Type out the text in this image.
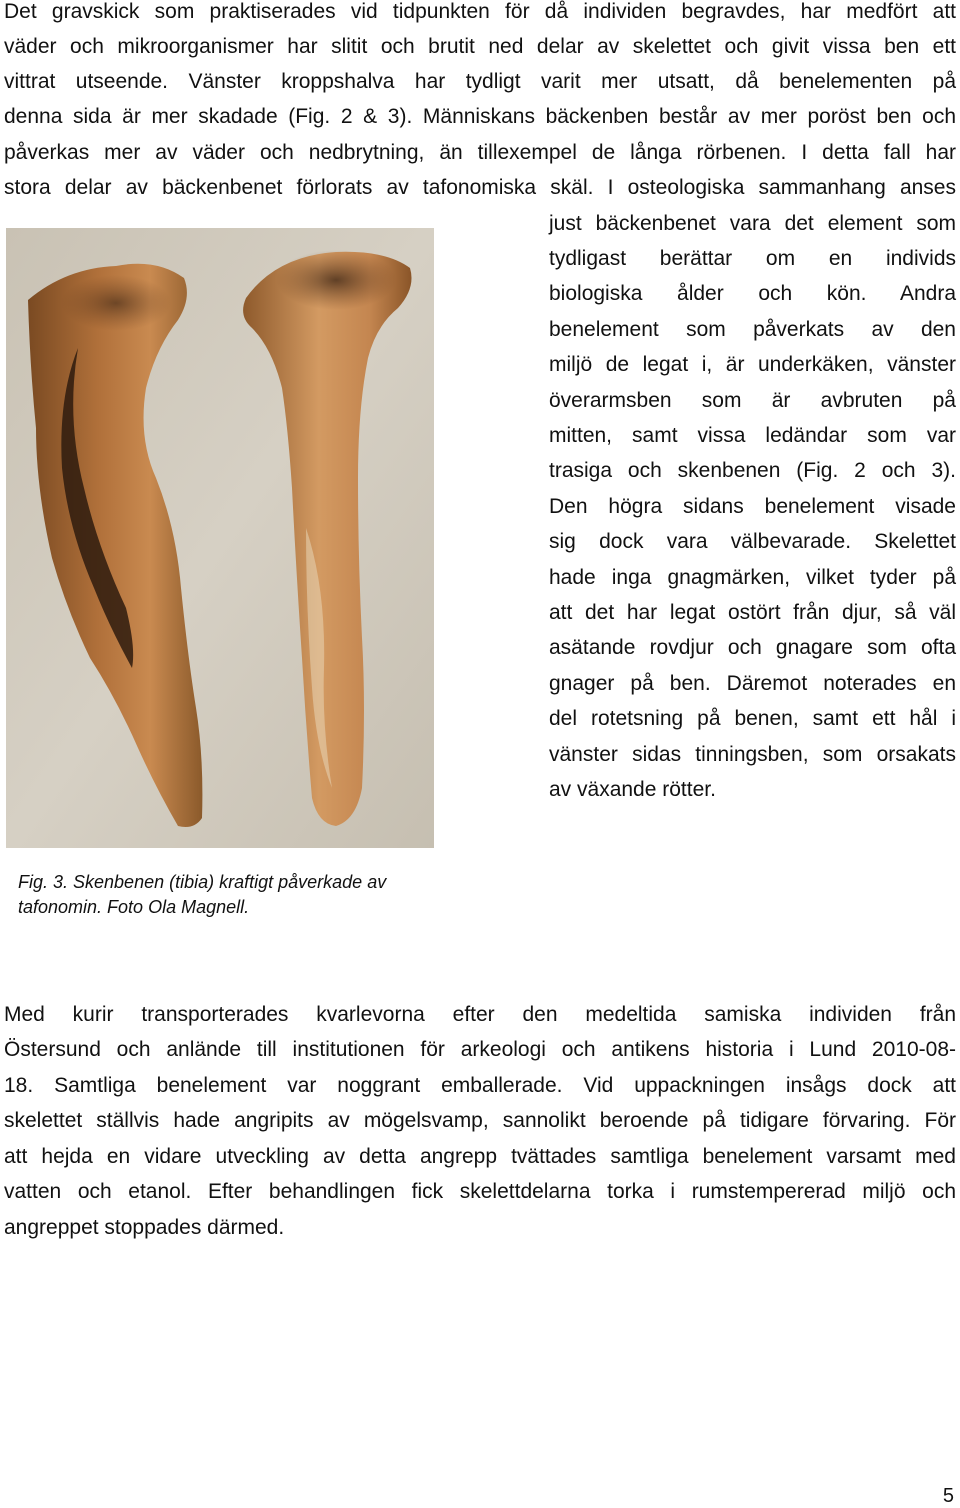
Det gravskick som praktiserades vid tidpunkten för då individen begravdes, har medfört att
väder och mikroorganismer har slitit och brutit ned delar av skelettet och givit vissa ben ett
vittrat utseende. Vänster kroppshalva har tydligt varit mer utsatt, då benelementen på
denna sida är mer skadade (Fig. 2 & 3). Människans bäckenben består av mer poröst ben och
påverkas mer av väder och nedbrytning, än tillexempel de långa rörbenen. I detta fall har
stora delar av bäckenbenet förlorats av tafonomiska skäl. I osteologiska sammanhang anses
just bäckenbenet vara det element som
tydligast berättar om en individs
biologiska ålder och kön. Andra
benelement som påverkats av den
miljö de legat i, är underkäken, vänster
överarmsben som är avbruten på
mitten, samt vissa ledändar som var
trasiga och skenbenen (Fig. 2 och 3).
Den högra sidans benelement visade
sig dock vara välbevarade. Skelettet
hade inga gnagmärken, vilket tyder på
att det har legat ostört från djur, så väl
asätande rovdjur och gnagare som ofta
gnager på ben. Däremot noterades en
del rotetsning på benen, samt ett hål i
vänster sidas tinningsben, som orsakats
av växande rötter.
Fig. 3. Skenbenen (tibia) kraftigt påverkade av
tafonomin. Foto Ola Magnell.
Med kurir transporterades kvarlevorna efter den medeltida samiska individen från
Östersund och anlände till institutionen för arkeologi och antikens historia i Lund 2010-08-
18. Samtliga benelement var noggrant emballerade. Vid uppackningen insågs dock att
skelettet ställvis hade angripits av mögelsvamp, sannolikt beroende på tidigare förvaring. För
att hejda en vidare utveckling av detta angrepp tvättades samtliga benelement varsamt med
vatten och etanol. Efter behandlingen fick skelettdelarna torka i rumstempererad miljö och
angreppet stoppades därmed.
5
